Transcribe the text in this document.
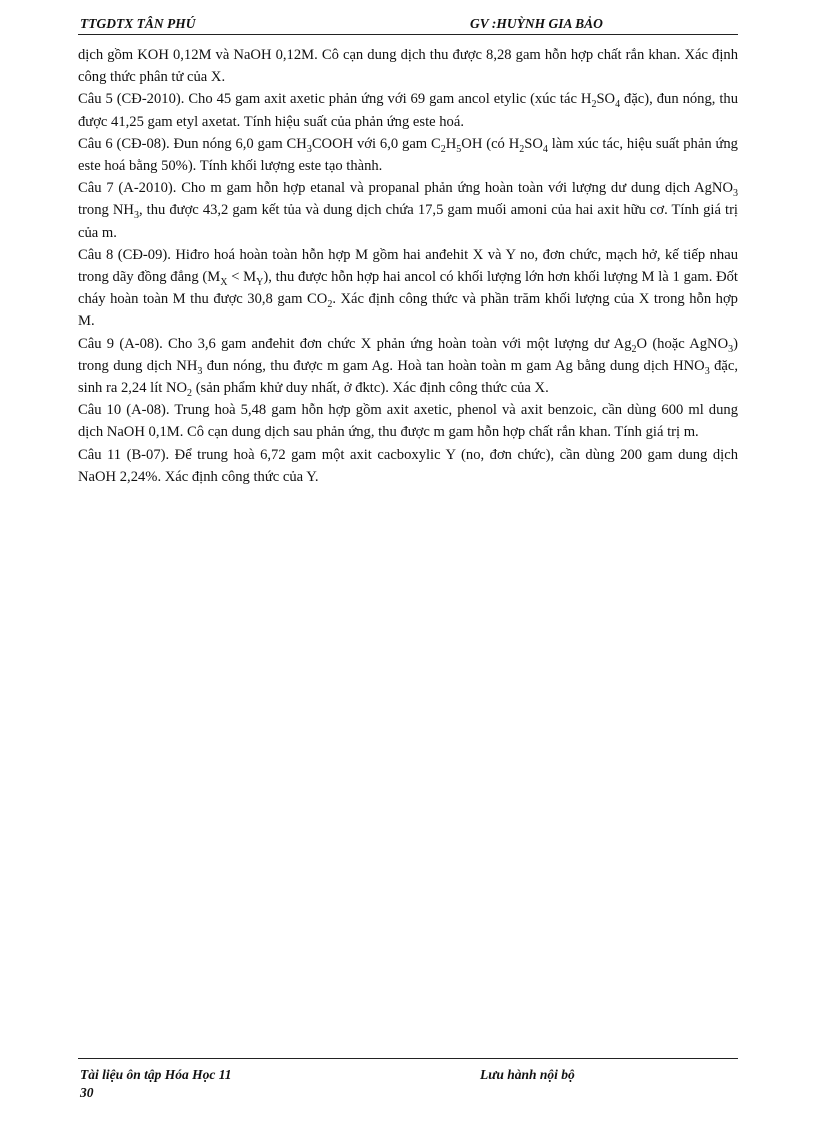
TTGDTX TÂN PHÚ	GV :HUỲNH GIA BẢO

dịch gồm KOH 0,12M và NaOH 0,12M. Cô cạn dung dịch thu được 8,28 gam hỗn hợp chất rắn khan. Xác định công thức phân tử của X.

Câu 5 (CĐ-2010). Cho 45 gam axit axetic phản ứng với 69 gam ancol etylic (xúc tác $H_2SO_4$ đặc), đun nóng, thu được 41,25 gam etyl axetat. Tính hiệu suất của phản ứng este hoá.

Câu 6 (CĐ-08). Đun nóng 6,0 gam $CH_3COOH$ với 6,0 gam $C_2H_5OH$ (có $H_2SO_4$ làm xúc tác, hiệu suất phản ứng este hoá bằng 50%). Tính khối lượng este tạo thành.

Câu 7 (A-2010). Cho m gam hỗn hợp etanal và propanal phản ứng hoàn toàn với lượng dư dung dịch AgNO$_3$ trong $NH_3$, thu được 43,2 gam kết tủa và dung dịch chứa 17,5 gam muối amoni của hai axit hữu cơ. Tính giá trị của m.

Câu 8 (CĐ-09). Hiđro hoá hoàn toàn hỗn hợp M gồm hai anđehit X và Y no, đơn chức, mạch hở, kế tiếp nhau trong dãy đồng đẳng $(M_X < M_Y)$, thu được hỗn hợp hai ancol có khối lượng lớn hơn khối lượng M là 1 gam. Đốt cháy hoàn toàn M thu được 30,8 gam $CO_2$. Xác định công thức và phần trăm khối lượng của X trong hỗn hợp M.

Câu 9 (A-08). Cho 3,6 gam anđehit đơn chức X phản ứng hoàn toàn với một lượng dư $Ag_2O$ (hoặc AgNO$_3$) trong dung dịch $NH_3$ đun nóng, thu được m gam Ag. Hoà tan hoàn toàn m gam Ag bằng dung dịch $HNO_3$ đặc, sinh ra 2,24 lít $NO_2$ (sản phẩm khử duy nhất, ở đktc). Xác định công thức của X.

Câu 10 (A-08). Trung hoà 5,48 gam hỗn hợp gồm axit axetic, phenol và axit benzoic, cần dùng 600 ml dung dịch NaOH 0,1M. Cô cạn dung dịch sau phản ứng, thu được m gam hỗn hợp chất rắn khan. Tính giá trị m.

Câu 11 (B-07). Để trung hoà 6,72 gam một axit cacboxylic Y (no, đơn chức), cần dùng 200 gam dung dịch NaOH 2,24%. Xác định công thức của Y.

Tài liệu ôn tập Hóa Học 11	Lưu hành nội bộ
30
